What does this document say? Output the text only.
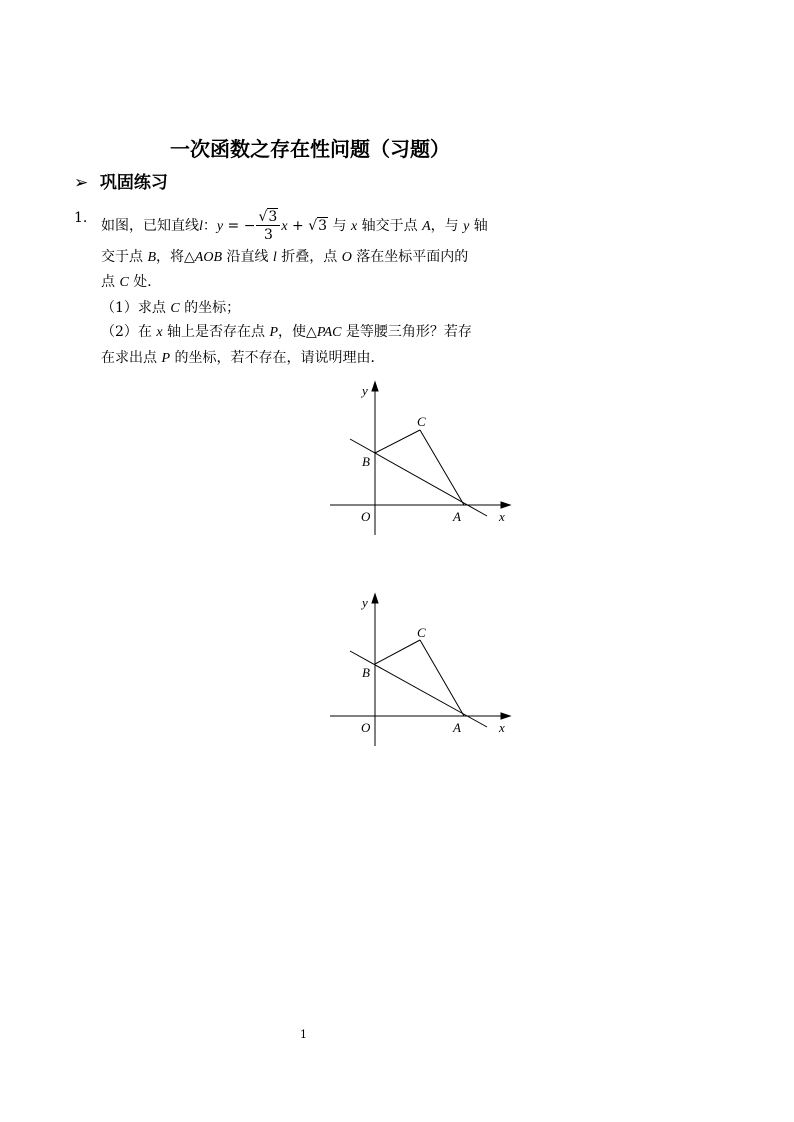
一次函数之存在性问题（习题）
➢ 巩固练习
1. 如图，已知直线l：y = − $\frac{√3}{3}$ x + √3 与 x 轴交于点 A，与 y 轴
交于点 B，将△AOB 沿直线 l 折叠，点 O 落在坐标平面内的
点 C 处．
（1）求点 C 的坐标；
（2）在 x 轴上是否存在点 P，使△PAC 是等腰三角形？若存
在求出点 P 的坐标，若不存在，请说明理由．
y
C
B
O	A	x
y
C
B
O	A	x
1
